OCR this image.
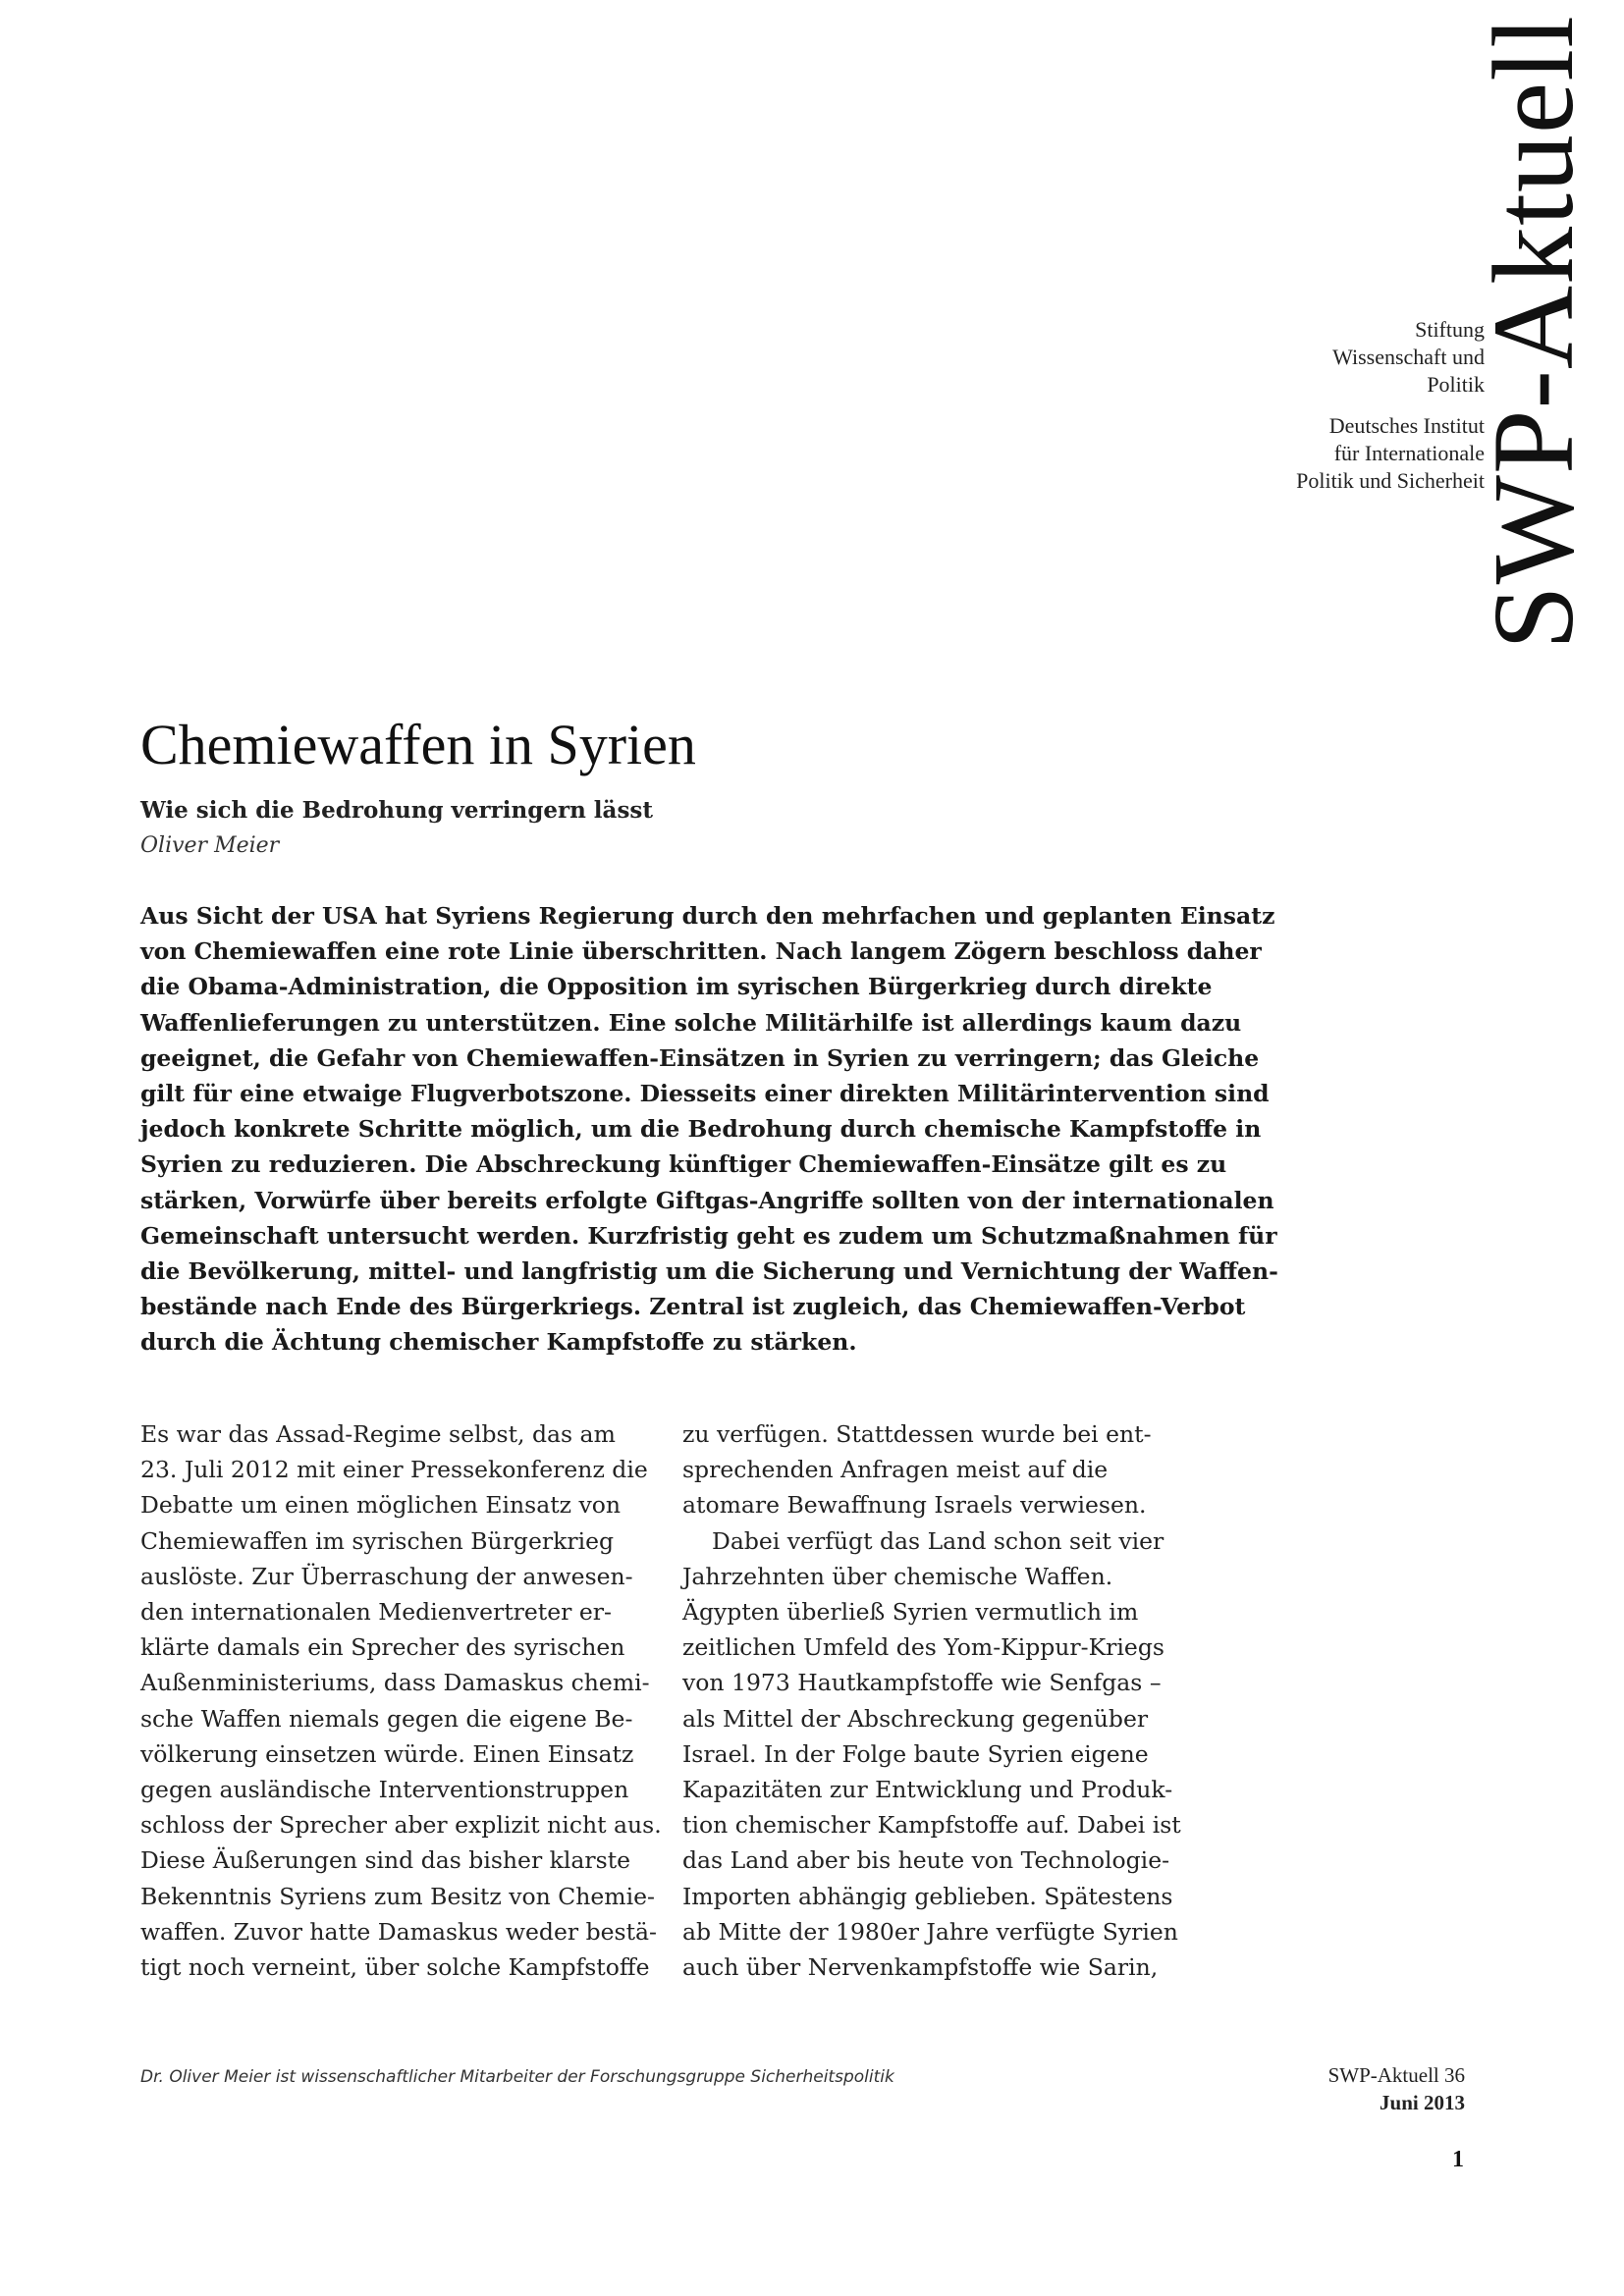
SWP-Aktuell
Stiftung
Wissenschaft und
Politik
Deutsches Institut
für Internationale
Politik und Sicherheit
Chemiewaffen in Syrien

Wie sich die Bedrohung verringern lässt

Oliver Meier

Aus Sicht der USA hat Syriens Regierung durch den mehrfachen und geplanten Einsatz
von Chemiewaffen eine rote Linie überschritten. Nach langem Zögern beschloss daher
die Obama-Administration, die Opposition im syrischen Bürgerkrieg durch direkte
Waffenlieferungen zu unterstützen. Eine solche Militärhilfe ist allerdings kaum dazu
geeignet, die Gefahr von Chemiewaffen-Einsätzen in Syrien zu verringern; das Gleiche
gilt für eine etwaige Flugverbotszone. Diesseits einer direkten Militärintervention sind
jedoch konkrete Schritte möglich, um die Bedrohung durch chemische Kampfstoffe in
Syrien zu reduzieren. Die Abschreckung künftiger Chemiewaffen-Einsätze gilt es zu
stärken, Vorwürfe über bereits erfolgte Giftgas-Angriffe sollten von der internationalen
Gemeinschaft untersucht werden. Kurzfristig geht es zudem um Schutzmaßnahmen für
die Bevölkerung, mittel- und langfristig um die Sicherung und Vernichtung der Waffen-
bestände nach Ende des Bürgerkriegs. Zentral ist zugleich, das Chemiewaffen-Verbot
durch die Ächtung chemischer Kampfstoffe zu stärken.
Es war das Assad-Regime selbst, das am
23. Juli 2012 mit einer Pressekonferenz die
Debatte um einen möglichen Einsatz von
Chemiewaffen im syrischen Bürgerkrieg
auslöste. Zur Überraschung der anwesen-
den internationalen Medienvertreter er-
klärte damals ein Sprecher des syrischen
Außenministeriums, dass Damaskus chemi-
sche Waffen niemals gegen die eigene Be-
völkerung einsetzen würde. Einen Einsatz
gegen ausländische Interventionstruppen
schloss der Sprecher aber explizit nicht aus.
Diese Äußerungen sind das bisher klarste
Bekenntnis Syriens zum Besitz von Chemie-
waffen. Zuvor hatte Damaskus weder bestä-
tigt noch verneint, über solche Kampfstoffe
zu verfügen. Stattdessen wurde bei ent-
sprechenden Anfragen meist auf die
atomare Bewaffnung Israels verwiesen.
Dabei verfügt das Land schon seit vier
Jahrzehnten über chemische Waffen.
Ägypten überließ Syrien vermutlich im
zeitlichen Umfeld des Yom-Kippur-Kriegs
von 1973 Hautkampfstoffe wie Senfgas –
als Mittel der Abschreckung gegenüber
Israel. In der Folge baute Syrien eigene
Kapazitäten zur Entwicklung und Produk-
tion chemischer Kampfstoffe auf. Dabei ist
das Land aber bis heute von Technologie-
Importen abhängig geblieben. Spätestens
ab Mitte der 1980er Jahre verfügte Syrien
auch über Nervenkampfstoffe wie Sarin,

Dr. Oliver Meier ist wissenschaftlicher Mitarbeiter der Forschungsgruppe Sicherheitspolitik	SWP-Aktuell 36
Juni 2013

1
